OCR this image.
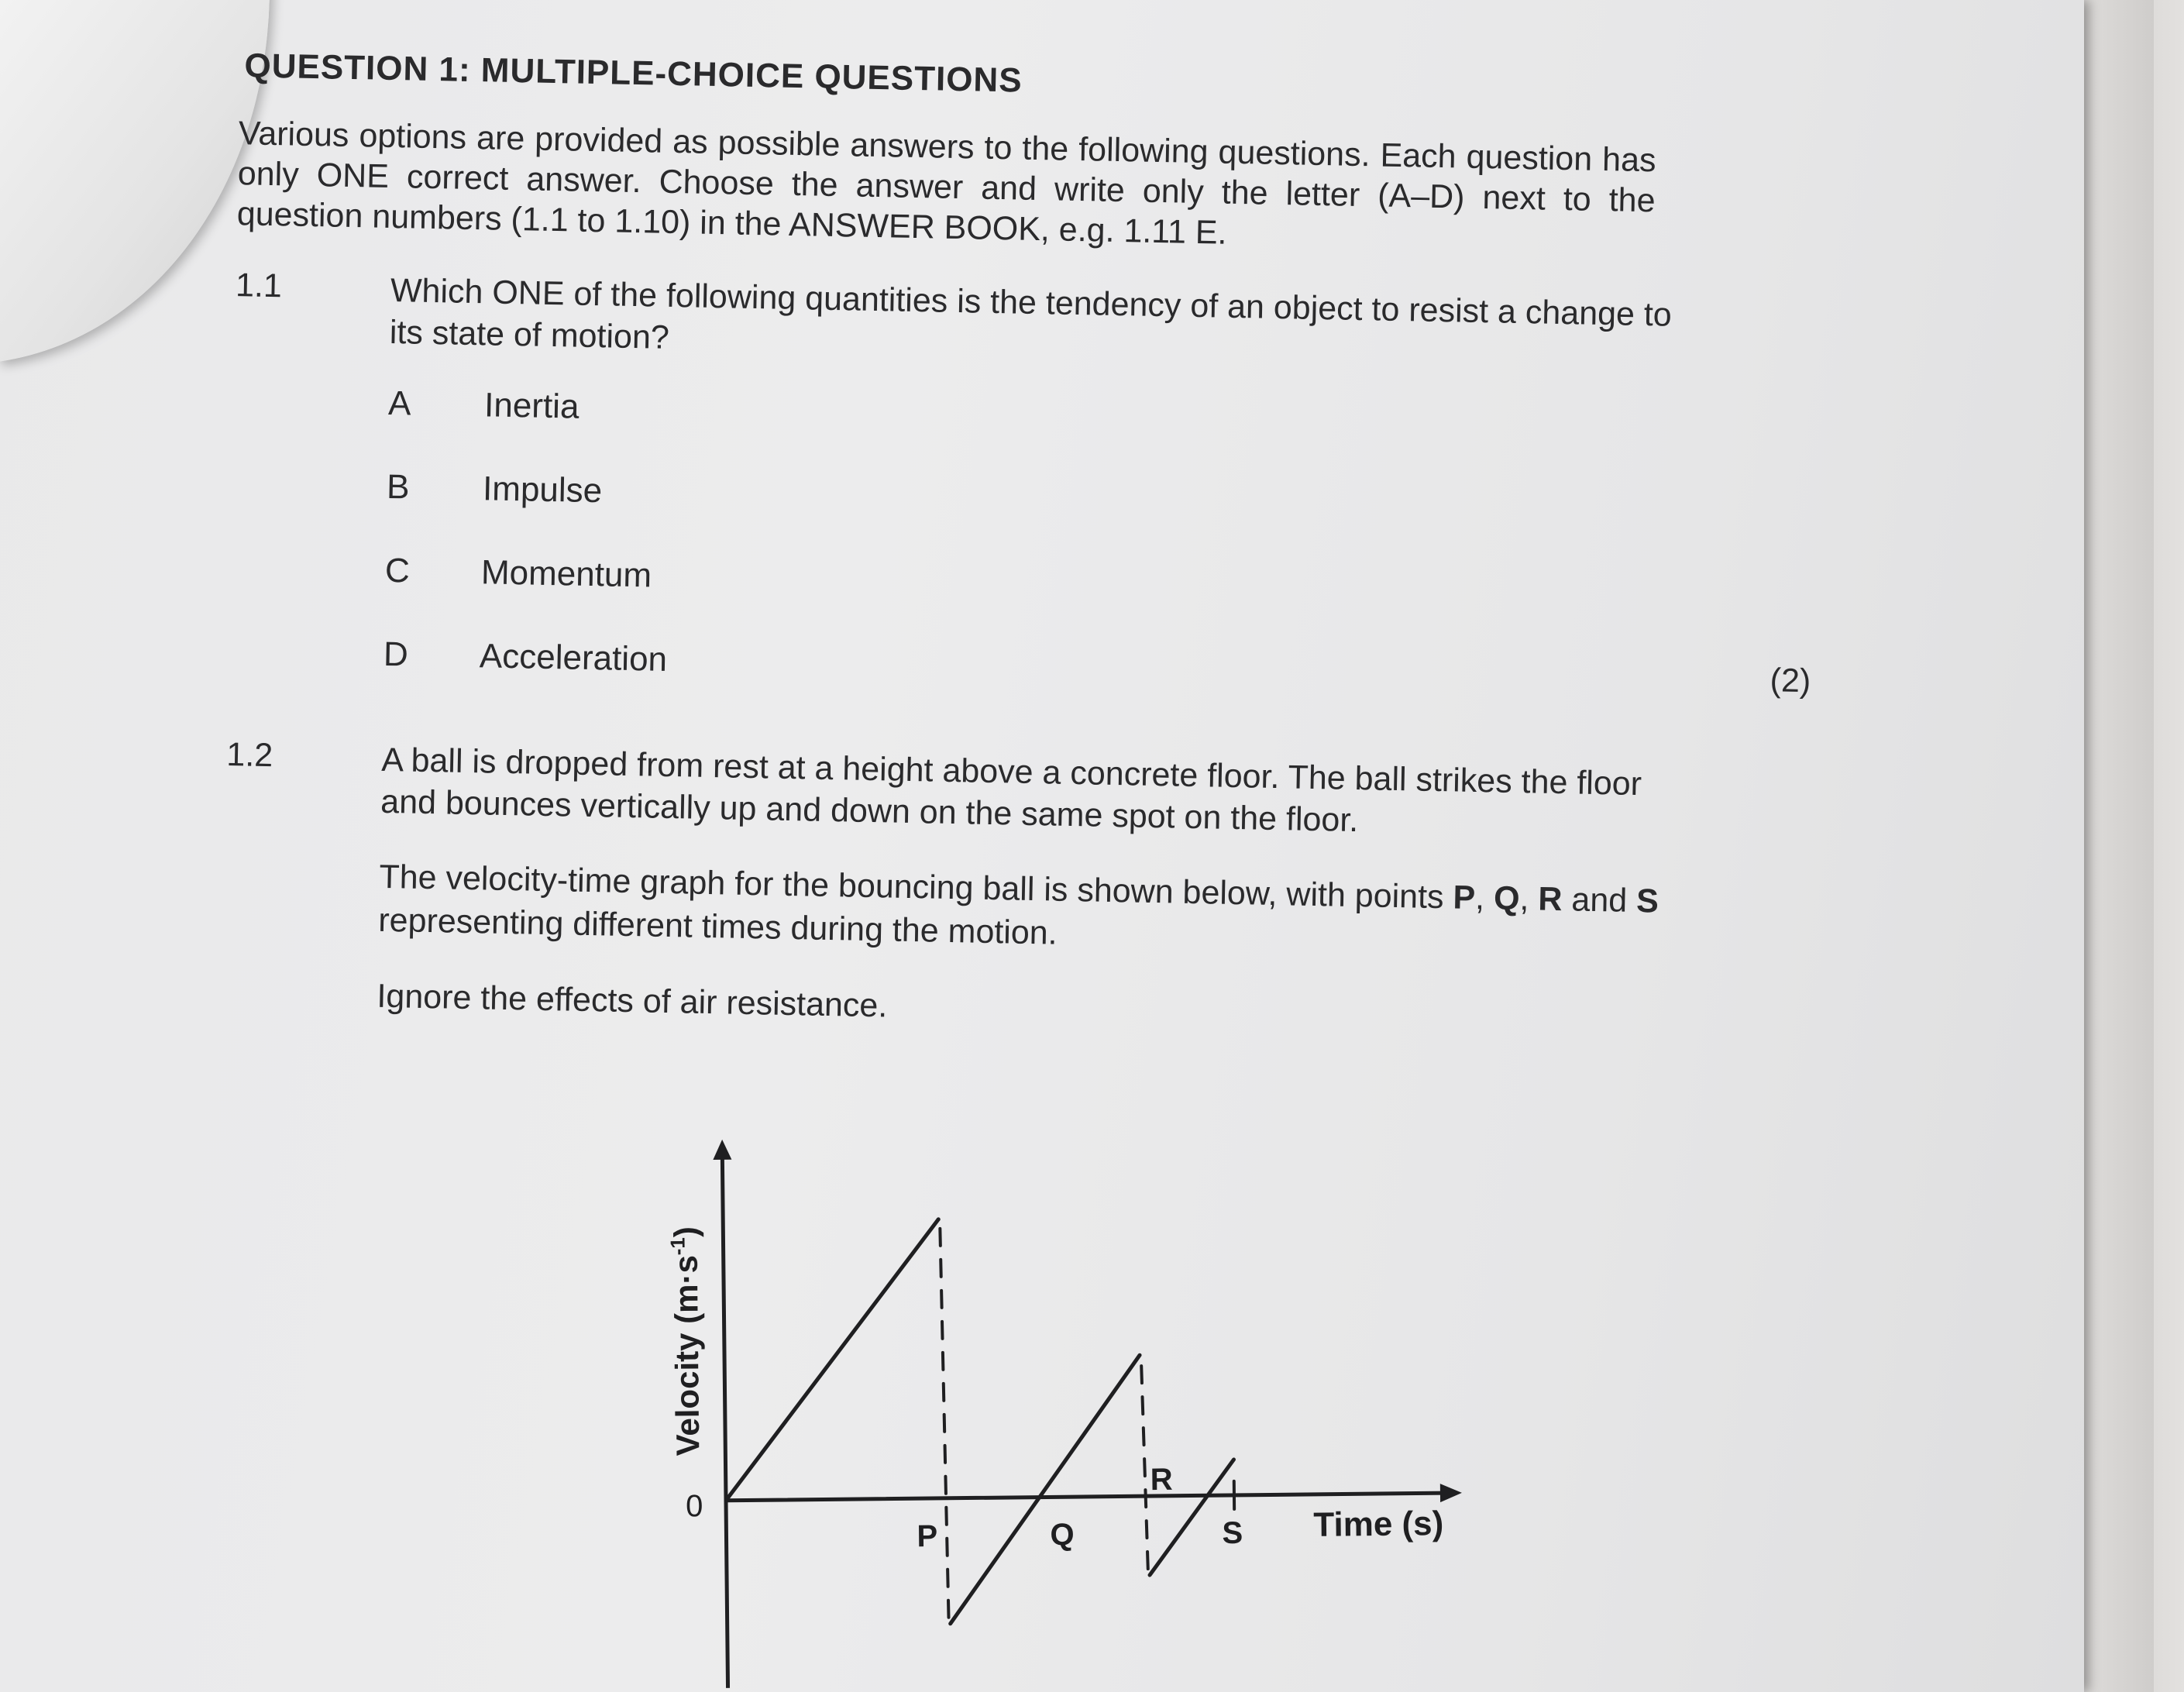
QUESTION 1: MULTIPLE-CHOICE QUESTIONS
Various options are provided as possible answers to the following questions. Each question has only ONE correct answer. Choose the answer and write only the letter (A–D) next to the question numbers (1.1 to 1.10) in the ANSWER BOOK, e.g. 1.11 E.
1.1	Which ONE of the following quantities is the tendency of an object to resist a change to its state of motion?
A Inertia
B Impulse
C Momentum
D Acceleration
(2)
1.2	A ball is dropped from rest at a height above a concrete floor. The ball strikes the floor and bounces vertically up and down on the same spot on the floor.
The velocity-time graph for the bouncing ball is shown below, with points P, Q, R and S representing different times during the motion.
Ignore the effects of air resistance.
0
P	Q
R
S Time (s)
Velocity $(m\cdot s^{-1})$
